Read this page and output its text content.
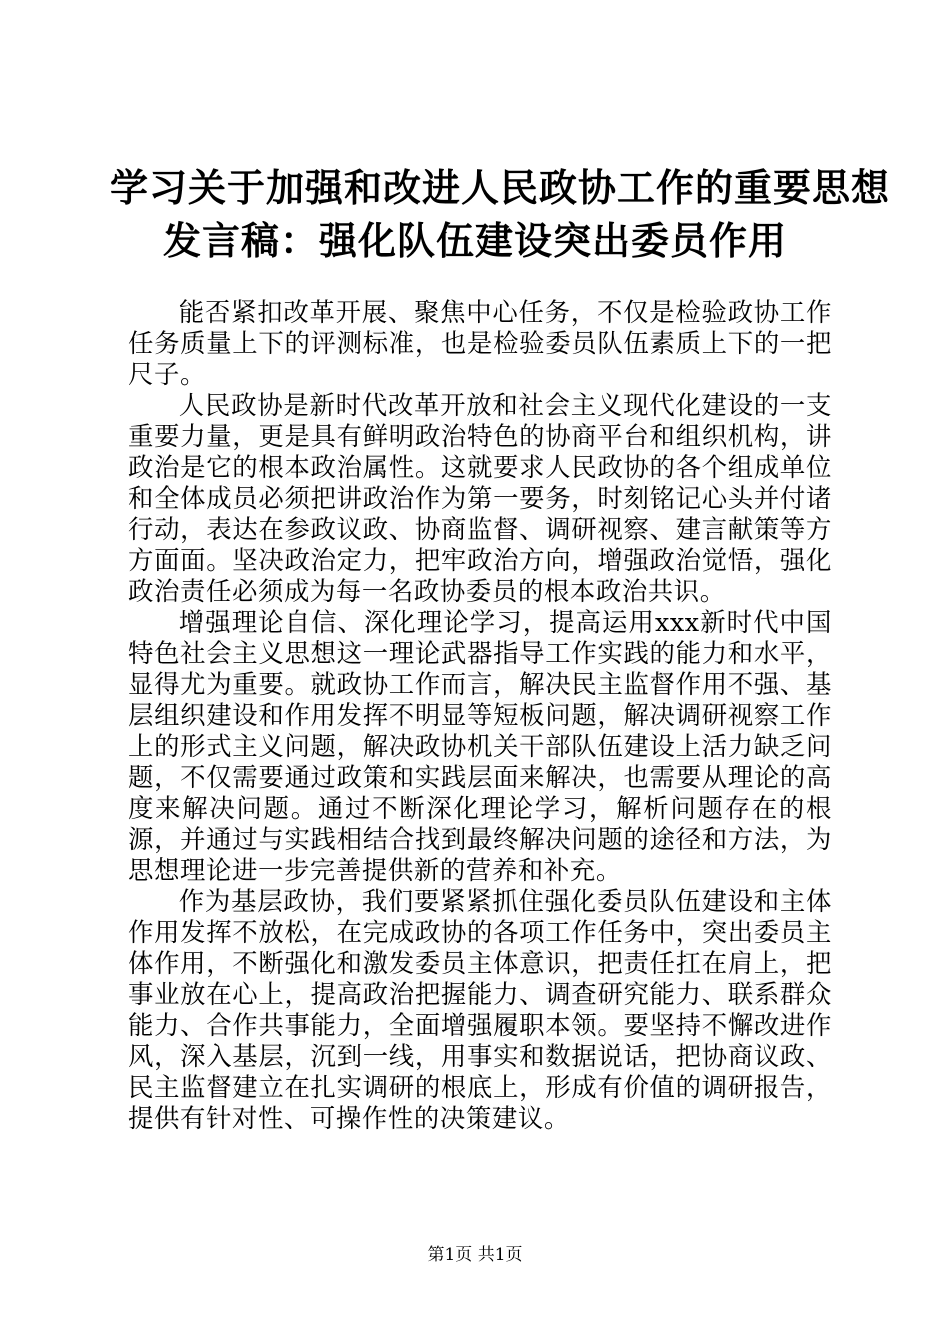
学习关于加强和改进人民政协工作的重要思想
发言稿：强化队伍建设突出委员作用

能否紧扣改革开展、聚焦中心任务，不仅是检验政协工作任务质量上下的评测标准，也是检验委员队伍素质上下的一把尺子。

人民政协是新时代改革开放和社会主义现代化建设的一支重要力量，更是具有鲜明政治特色的协商平台和组织机构，讲政治是它的根本政治属性。这就要求人民政协的各个组成单位和全体成员必须把讲政治作为第一要务，时刻铭记心头并付诸行动，表达在参政议政、协商监督、调研视察、建言献策等方方面面。坚决政治定力，把牢政治方向，增强政治觉悟，强化政治责任必须成为每一名政协委员的根本政治共识。

增强理论自信、深化理论学习，提高运用xxx新时代中国特色社会主义思想这一理论武器指导工作实践的能力和水平，显得尤为重要。就政协工作而言，解决民主监督作用不强、基层组织建设和作用发挥不明显等短板问题，解决调研视察工作上的形式主义问题，解决政协机关干部队伍建设上活力缺乏问题，不仅需要通过政策和实践层面来解决，也需要从理论的高度来解决问题。通过不断深化理论学习，解析问题存在的根源，并通过与实践相结合找到最终解决问题的途径和方法，为思想理论进一步完善提供新的营养和补充。

作为基层政协，我们要紧紧抓住强化委员队伍建设和主体作用发挥不放松，在完成政协的各项工作任务中，突出委员主体作用，不断强化和激发委员主体意识，把责任扛在肩上，把事业放在心上，提高政治把握能力、调查研究能力、联系群众能力、合作共事能力，全面增强履职本领。要坚持不懈改进作风，深入基层，沉到一线，用事实和数据说话，把协商议政、民主监督建立在扎实调研的根底上，形成有价值的调研报告，提供有针对性、可操作性的决策建议。

第1页 共1页
